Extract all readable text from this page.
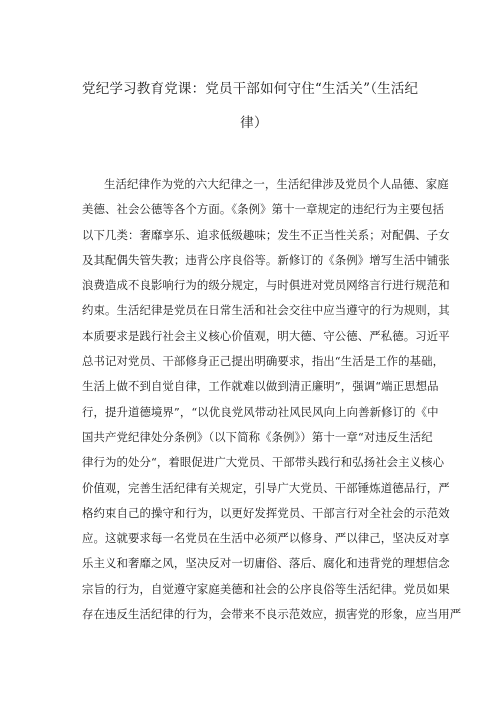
党纪学习教育党课：党员干部如何守住“生活关”（生活纪
律）
生活纪律作为党的六大纪律之一，生活纪律涉及党员个人品德、家庭
美德、社会公德等各个方面。《条例》第十一章规定的违纪行为主要包括
以下几类：奢靡享乐、追求低级趣味；发生不正当性关系；对配偶、子女
及其配偶失管失教；违背公序良俗等。新修订的《条例》增写生活中铺张
浪费造成不良影响行为的级分规定，与时俱进对党员网络言行进行规范和
约束。生活纪律是党员在日常生活和社会交往中应当遵守的行为规则，其
本质要求是践行社会主义核心价值观，明大德、守公德、严私德。习近平
总书记对党员、干部修身正己提出明确要求，指出“生活是工作的基础，
生活上做不到自觉自律，工作就难以做到清正廉明”，强调“端正思想品
行，提升道德境界”，“以优良党风带动社风民风向上向善新修订的《中
国共产党纪律处分条例》（以下简称《条例》）第十一章“对违反生活纪
律行为的处分“，着眼促进广大党员、干部带头践行和弘扬社会主义核心
价值观，完善生活纪律有关规定，引导广大党员、干部锤炼道德品行，严
格约束自己的操守和行为，以更好发挥党员、干部言行对全社会的示范效
应。这就要求每一名党员在生活中必须严以修身、严以律己，坚决反对享
乐主义和奢靡之风，坚决反对一切庸俗、落后、腐化和违背党的理想信念
宗旨的行为，自觉遵守家庭美德和社会的公序良俗等生活纪律。党员如果
存在违反生活纪律的行为，会带来不良示范效应，损害党的形象，应当用严
